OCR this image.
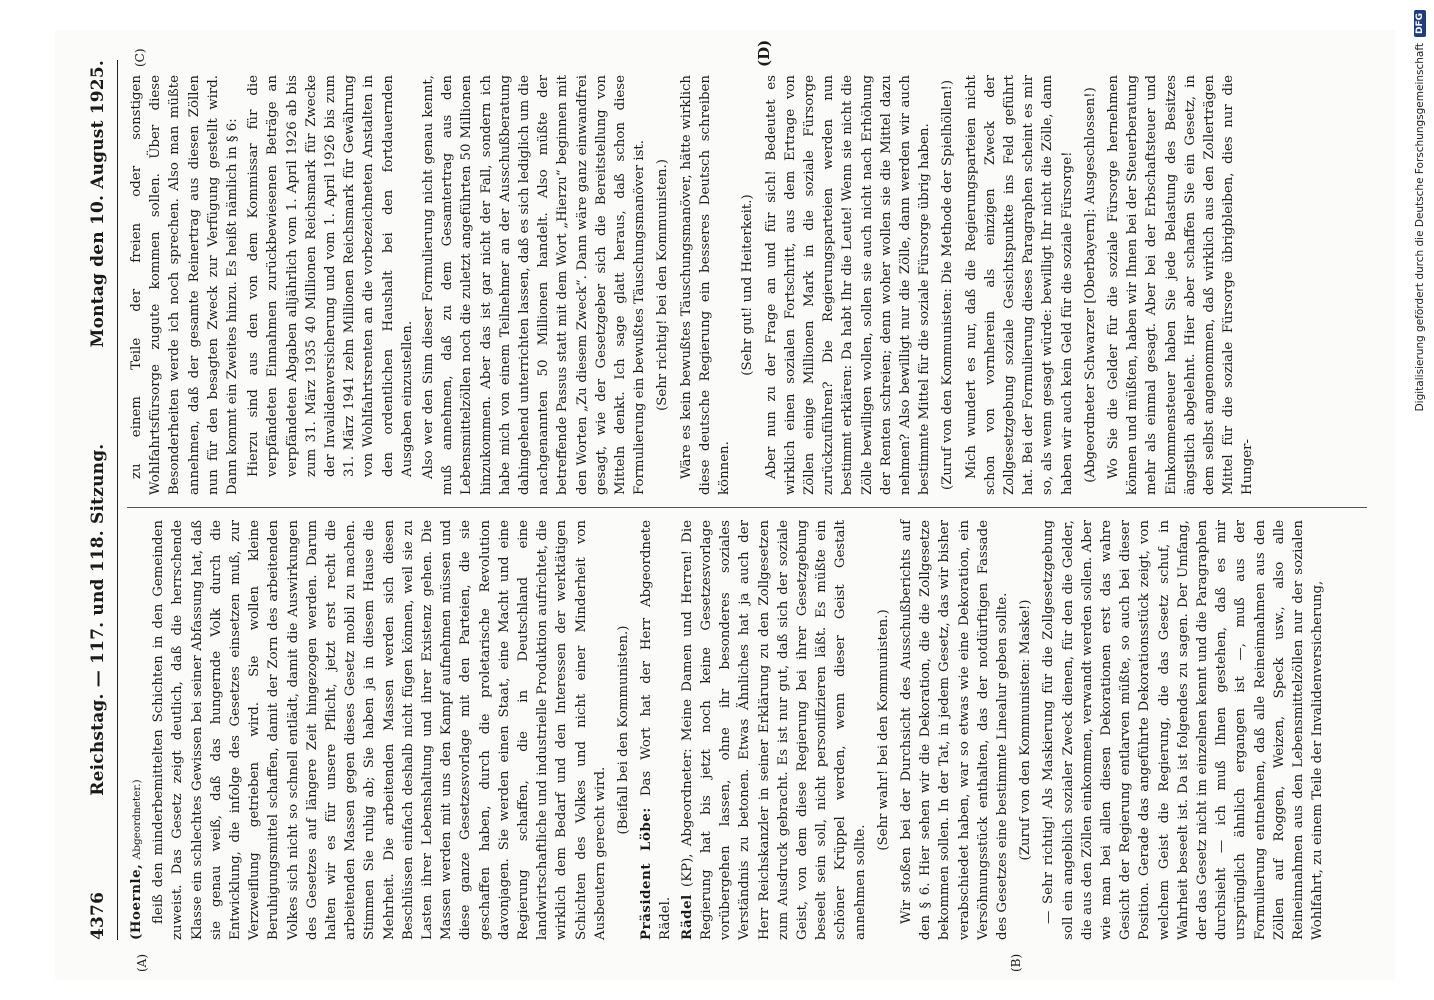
4376
Reichstag. — 117. und 118. Sitzung.
Montag den 10. August 1925.
(A)	(B)

(Hoernle, Abgeordneter.) fleiß den minderbemittelten Schichten in den Gemeinden zuweist. Das Gesetz zeigt deutlich, daß die herrschende Klasse ein schlechtes Gewissen bei seiner Abfassung hat, daß sie genau weiß, daß das hungernde Volk durch die Entwicklung, die infolge des Gesetzes einsetzen muß, zur Verzweiflung getrieben wird. Sie wollen kleine Beruhigungsmittel schaffen, damit der Zorn des arbeitenden Volkes sich nicht so schnell entlädt, damit die Auswirkungen des Gesetzes auf längere Zeit hingezogen werden. Darum halten wir es für unsere Pflicht, jetzt erst recht die arbeitenden Massen gegen dieses Gesetz mobil zu machen. Stimmen Sie ruhig ab; Sie haben ja in diesem Hause die Mehrheit. Die arbeitenden Massen werden sich diesen Beschlüssen einfach deshalb nicht fügen können, weil sie zu Lasten ihrer Lebenshaltung und ihrer Existenz gehen. Die Massen werden mit uns den Kampf aufnehmen müssen und diese ganze Gesetzesvorlage mit den Parteien, die sie geschaffen haben, durch die proletarische Revolution davonjagen. Sie werden einen Staat, eine Macht und eine Regierung schaffen, die in Deutschland eine landwirtschaftliche und industrielle Produktion aufrichtet, die wirklich dem Bedarf und den Interessen der werktätigen Schichten des Volkes und nicht einer Minderheit von Ausbeutern gerecht wird.

(Beifall bei den Kommunisten.)

Präsident Löbe: Das Wort hat der Herr Abgeordnete Rädel. Rädel (KP), Abgeordneter: Meine Damen und Herren! Die Regierung hat bis jetzt noch keine Gesetzesvorlage vorübergehen lassen, ohne ihr besonderes soziales Verständnis zu betonen. Etwas Ähnliches hat ja auch der Herr Reichskanzler in seiner Erklärung zu den Zollgesetzen zum Ausdruck gebracht. Es ist nur gut, daß sich der soziale Geist, von dem diese Regierung bei ihrer Gesetzgebung beseelt sein soll, nicht personifizieren läßt. Es müßte ein schöner Krüppel werden, wenn dieser Geist Gestalt annehmen sollte.

(Sehr wahr! bei den Kommunisten.) Wir stoßen bei der Durchsicht des Ausschußberichts auf den § 6. Hier sehen wir die Dekoration, die die Zollgesetze bekommen sollen. In der Tat, in jedem Gesetz, das wir bisher verabschiedet haben, war so etwas wie eine Dekoration, ein Versöhnungsstück enthalten, das der notdürftigen Fassade des Gesetzes eine bestimmte Linealur geben sollte. (Zuruf von den Kommunisten: Maske!) — Sehr richtig! Als Maskierung für die Zollgesetzgebung soll ein angeblich sozialer Zweck dienen, für den die Gelder, die aus den Zöllen einkommen, verwandt werden sollen. Aber wie man bei allen diesen Dekorationen erst das wahre Gesicht der Regierung entlarven müßte, so auch bei dieser Position. Gerade das angeführte Dekorationsstück zeigt, von welchem Geist die Regierung, die das Gesetz schuf, in Wahrheit beseelt ist. Da ist folgendes zu sagen. Der Umfang, der das Gesetz nicht im einzelnen kennt und die Paragraphen durchsieht — ich muß Ihnen gestehen, daß es mir ursprünglich ähnlich ergangen ist —, muß aus der Formulierung entnehmen, daß alle Reineinnahmen aus den Zöllen auf Roggen, Weizen, Speck usw., also alle Reineinnahmen aus den Lebensmittelzöllen nur der sozialen Wohlfahrt, zu einem Teile der Invalidenversicherung,

zu einem Teile der freien oder sonstigen Wohlfahrtsfürsorge zugute kommen sollen. Über diese Besonderheiten werde ich noch sprechen. Also man müßte annehmen, daß der gesamte Reinertrag aus diesen Zöllen nun für den besagten Zweck zur Verfügung gestellt wird. Dann kommt ein Zweites hinzu. Es heißt nämlich in § 6: Hierzu sind aus den von dem Kommissar für die verpfändeten Einnahmen zurückbewiesenen Beträge an verpfändeten Abgaben alljährlich vom 1. April 1926 ab bis zum 31. März 1935 40 Millionen Reichsmark für Zwecke der Invalidenversicherung und vom 1. April 1926 bis zum 31. März 1941 zehn Millionen Reichsmark für Gewährung von Wohlfahrtsrenten an die vorbezeichneten Anstalten in den ordentlichen Haushalt bei den fortdauernden Ausgaben einzustellen. Also wer den Sinn dieser Formulierung nicht genau kennt, muß annehmen, daß zu dem Gesamtertrag aus den Lebensmittelzöllen noch die zuletzt angeführten 50 Millionen hinzukommen. Aber das ist gar nicht der Fall, sondern ich habe mich von einem Teilnehmer an der Ausschußberatung dahingehend unterrichten lassen, daß es sich lediglich um die nachgenannten 50 Millionen handelt. Also müßte der betreffende Passus statt mit dem Wort „Hierzu“ beginnen mit den Worten „Zu diesem Zweck“. Dann wäre ganz einwandfrei gesagt, wie der Gesetzgeber sich die Bereitstellung von Mitteln denkt. Ich sage glatt heraus, daß schon diese Formulierung ein bewußtes Täuschungsmanöver ist. (Sehr richtig! bei den Kommunisten.) Wäre es kein bewußtes Täuschungsmanöver, hätte wirklich diese deutsche Regierung ein besseres Deutsch schreiben können.

(Sehr gut! und Heiterkeit.) Aber nun zu der Frage an und für sich! Bedeutet es wirklich einen sozialen Fortschritt, aus dem Ertrage von Zöllen einige Millionen Mark in die soziale Fürsorge zurückzuführen? Die Regierungsparteien werden nun bestimmt erklären: Da habt Ihr die Leute! Wenn sie nicht die Zölle bewilligen wollen, sollen sie auch nicht nach Erhöhung der Renten schreien; denn woher wollen sie die Mittel dazu nehmen? Also bewilligt nur die Zölle, dann werden wir auch bestimmte Mittel für die soziale Fürsorge übrig haben. (Zuruf von den Kommunisten: Die Methode der Spielhöllen!) Mich wundert es nur, daß die Regierungsparteien nicht schon von vornherein als einzigen Zweck der Zollgesetzgebung soziale Gesichtspunkte ins Feld geführt hat. Bei der Formulierung dieses Paragraphen scheint es mir so, als wenn gesagt würde: bewilligt Ihr nicht die Zölle, dann haben wir auch kein Geld für die soziale Fürsorge! (Abgeordneter Schwarzer [Oberbayern]: Ausgeschlossen!) Wo Sie die Gelder für die soziale Fürsorge hernehmen können und müßten, haben wir Ihnen bei der Steuerberatung mehr als einmal gesagt. Aber bei der Erbschaftsteuer und Einkommensteuer haben Sie jede Belastung des Besitzes ängstlich abgelehnt. Hier aber schaffen Sie ein Gesetz, in dem selbst angenommen, daß wirklich aus den Zollerträgen Mittel für die soziale Fürsorge übrigbleiben, dies nur die Hunger-

(C)	(D)	Digitalisierung gefördert durch die Deutsche Forschungsgemeinschaft
DFG
